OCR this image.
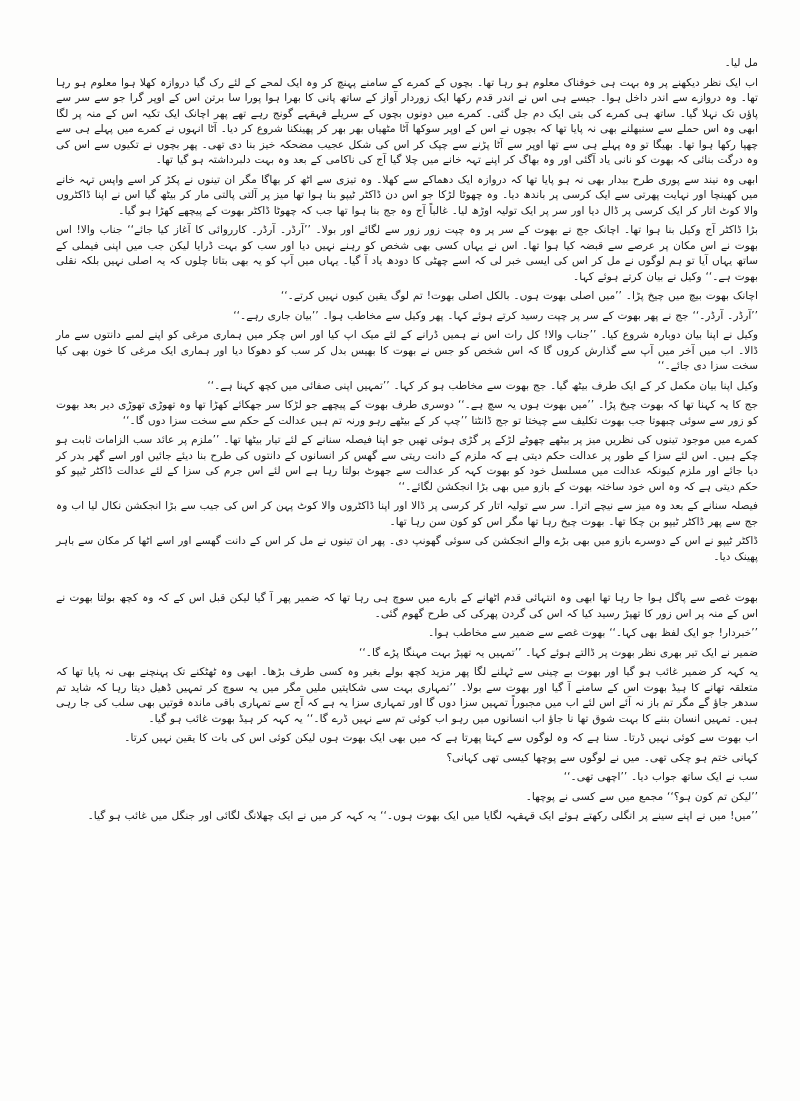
مل لیا۔

اب ایک نظر دیکھنے پر وہ بہت ہی خوفناک معلوم ہو رہا تھا۔ بچوں کے کمرے کے سامنے پہنچ کر وہ ایک لمحے کے لئے رک گیا دروازہ کھلا ہوا معلوم ہو رہا تھا۔ وہ دروازے سے اندر داخل ہوا۔ جیسے ہی اس نے اندر قدم رکھا ایک زوردار آواز کے ساتھ پانی کا بھرا ہوا پورا سا برتن اس کے اوپر گرا جو سے سر سے پاؤں تک نہلا گیا۔ ساتھ ہی کمرے کی بتی ایک دم جل گئی۔ کمرے میں دونوں بچوں کے سریلے قہقہے گونج رہے تھے پھر اچانک ایک تکیہ اس کے منہ پر لگا ابھی وہ اس حملے سے سنبھلنے بھی نہ پایا تھا کہ بچوں نے اس کے اوپر سوکھا آٹا مٹھیاں بھر بھر کر پھینکنا شروع کر دیا۔ آٹا انہوں نے کمرے میں پہلے ہی سے چھپا رکھا ہوا تھا۔ بھیگا تو وہ پہلے ہی سے تھا اوپر سے آٹا پڑنے سے چپک کر اس کی شکل عجیب مضحکہ خیز بنا دی تھی۔ پھر بچوں نے تکیوں سے اس کی وہ درگت بنائی کہ بھوت کو نانی یاد آگئی اور وہ بھاگ کر اپنے تہہ خانے میں چلا گیا آج کی ناکامی کے بعد وہ بہت دلبرداشتہ ہو گیا تھا۔

ابھی وہ نیند سے پوری طرح بیدار بھی نہ ہو پایا تھا کہ دروازہ ایک دھماکے سے کھلا۔ وہ تیزی سے اٹھ کر بھاگا مگر ان تینوں نے پکڑ کر اسے واپس تہہ خانے میں کھینچا اور نہایت پھرتی سے ایک کرسی پر باندھ دیا۔ وہ چھوٹا لڑکا جو اس دن ڈاکٹر ٹیپو بنا ہوا تھا میز پر آلتی پالتی مار کر بیٹھ گیا اس نے اپنا ڈاکٹروں والا کوٹ اتار کر ایک کرسی پر ڈال دیا اور سر پر ایک تولیہ اوڑھ لیا۔ غالباً آج وہ جج بنا ہوا تھا جب کہ چھوٹا ڈاکٹر بھوت کے پیچھے کھڑا ہو گیا۔

بڑا ڈاکٹر آج وکیل بنا ہوا تھا۔ اچانک جج نے بھوت کے سر پر وہ چپت زور زور سے لگائے اور بولا۔ ’’آرڈر۔ آرڈر۔ کارروائی کا آغاز کیا جائے‘‘ جناب والا! اس بھوت نے اس مکان پر عرصے سے قبضہ کیا ہوا تھا۔ اس نے یہاں کسی بھی شخص کو رہنے نہیں دیا اور سب کو بہت ڈرایا لیکن جب میں اپنی فیملی کے ساتھ یہاں آیا تو ہم لوگوں نے مل کر اس کی ایسی خبر لی کہ اسے چھٹی کا دودھ یاد آ گیا۔ یہاں میں آپ کو یہ بھی بتاتا چلوں کہ یہ اصلی نہیں بلکہ نقلی بھوت ہے۔‘‘ وکیل نے بیان کرتے ہوئے کہا۔

اچانک بھوت بیچ میں چیخ پڑا۔ ’’میں اصلی بھوت ہوں۔ بالکل اصلی بھوت! تم لوگ یقین کیوں نہیں کرتے۔‘‘

’’آرڈر۔ آرڈر۔‘‘ جج نے پھر بھوت کے سر پر چپت رسید کرتے ہوئے کہا۔ پھر وکیل سے مخاطب ہوا۔ ’’بیان جاری رہے۔‘‘

وکیل نے اپنا بیان دوبارہ شروع کیا۔ ’’جناب والا! کل رات اس نے ہمیں ڈرانے کے لئے میک اپ کیا اور اس چکر میں ہماری مرغی کو اپنے لمبے دانتوں سے مار ڈالا۔ اب میں آخر میں آپ سے گذارش کروں گا کہ اس شخص کو جس نے بھوت کا بھیس بدل کر سب کو دھوکا دیا اور ہماری ایک مرغی کا خون بھی کیا سخت سزا دی جائے۔‘‘

وکیل اپنا بیان مکمل کر کے ایک طرف بیٹھ گیا۔ جج بھوت سے مخاطب ہو کر کہا۔ ’’تمہیں اپنی صفائی میں کچھ کہنا ہے۔‘‘

جج کا یہ کہنا تھا کہ بھوت چیخ پڑا۔ ’’میں بھوت ہوں یہ سچ ہے۔‘‘ دوسری طرف بھوت کے پیچھے جو لڑکا سر جھکائے کھڑا تھا وہ تھوڑی تھوڑی دیر بعد بھوت کو زور سے سوئی چبھوتا جب بھوت تکلیف سے چیختا تو جج ڈانٹتا ’’چپ کر کے بیٹھے رہو ورنہ تم ہیں عدالت کے حکم سے سخت سزا دوں گا۔‘‘

کمرے میں موجود تینوں کی نظریں میز پر بیٹھے چھوٹے لڑکے پر گڑی ہوئی تھیں جو اپنا فیصلہ سنانے کے لئے تیار بیٹھا تھا۔ ’’ملزم پر عائد سب الزامات ثابت ہو چکے ہیں۔ اس لئے سزا کے طور پر عدالت حکم دیتی ہے کہ ملزم کے دانت ریتی سے گھس کر انسانوں کے دانتوں کی طرح بنا دیئے جائیں اور اسے گھر بدر کر دیا جائے اور ملزم کیونکہ عدالت میں مسلسل خود کو بھوت کہہ کر عدالت سے جھوٹ بولتا رہا ہے اس لئے اس جرم کی سزا کے لئے عدالت ڈاکٹر ٹیپو کو حکم دیتی ہے کہ وہ اس خود ساختہ بھوت کے بازو میں بھی بڑا انجکشن لگائے۔‘‘

فیصلہ سنانے کے بعد وہ میز سے نیچے اترا۔ سر سے تولیہ اتار کر کرسی پر ڈالا اور اپنا ڈاکٹروں والا کوٹ پہن کر اس کی جیب سے بڑا انجکشن نکال لیا اب وہ جج سے پھر ڈاکٹر ٹیپو بن چکا تھا۔ بھوت چیخ رہا تھا مگر اس کو کون سن رہا تھا۔

ڈاکٹر ٹیپو نے اس کے دوسرے بازو میں بھی بڑے والے انجکشن کی سوئی گھونپ دی۔ پھر ان تینوں نے مل کر اس کے دانت گھسے اور اسے اٹھا کر مکان سے باہر پھینک دیا۔

بھوت غصے سے پاگل ہوا جا رہا تھا ابھی وہ انتہائی قدم اٹھانے کے بارے میں سوچ ہی رہا تھا کہ ضمیر پھر آ گیا لیکن قبل اس کے کہ وہ کچھ بولتا بھوت نے اس کے منہ پر اس زور کا تھپڑ رسید کیا کہ اس کی گردن پھرکی کی طرح گھوم گئی۔

’’خبردار! جو ایک لفظ بھی کہا۔‘‘ بھوت غصے سے ضمیر سے مخاطب ہوا۔

ضمیر نے ایک تیر بھری نظر بھوت پر ڈالتے ہوئے کہا۔ ’’تمہیں یہ تھپڑ بہت مہنگا پڑے گا۔‘‘

یہ کہہ کر ضمیر غائب ہو گیا اور بھوت بے چینی سے ٹہلنے لگا پھر مزید کچھ بولے بغیر وہ کسی طرف بڑھا۔ ابھی وہ ٹھٹکنے تک پہنچنے بھی نہ پایا تھا کہ متعلقہ تھانے کا ہیڈ بھوت اس کے سامنے آ گیا اور بھوت سے بولا۔ ’’تمہاری بہت سی شکایتیں ملیں مگر میں یہ سوچ کر تمہیں ڈھیل دیتا رہا کہ شاید تم سدھر جاؤ گے مگر تم باز نہ آئے اس لئے اب میں مجبوراً تمہیں سزا دوں گا اور تمہاری سزا یہ ہے کہ آج سے تمہاری باقی ماندہ قوتیں بھی سلب کی جا رہی ہیں۔ تمہیں انسان بننے کا بہت شوق تھا نا جاؤ اب انسانوں میں رہو اب کوئی تم سے نہیں ڈرے گا۔‘‘ یہ کہہ کر ہیڈ بھوت غائب ہو گیا۔

اب بھوت سے کوئی نہیں ڈرتا۔ سنا ہے کہ وہ لوگوں سے کہتا پھرتا ہے کہ میں بھی ایک بھوت ہوں لیکن کوئی اس کی بات کا یقین نہیں کرتا۔

کہانی ختم ہو چکی تھی۔ میں نے لوگوں سے پوچھا کیسی تھی کہانی؟

سب نے ایک ساتھ جواب دیا۔ ’’اچھی تھی۔‘‘

’’لیکن تم کون ہو؟‘‘ مجمع میں سے کسی نے پوچھا۔

’’میں! میں نے اپنے سینے پر انگلی رکھتے ہوئے ایک قہقہہ لگایا میں ایک بھوت ہوں۔‘‘ یہ کہہ کر میں نے ایک چھلانگ لگائی اور جنگل میں غائب ہو گیا۔
